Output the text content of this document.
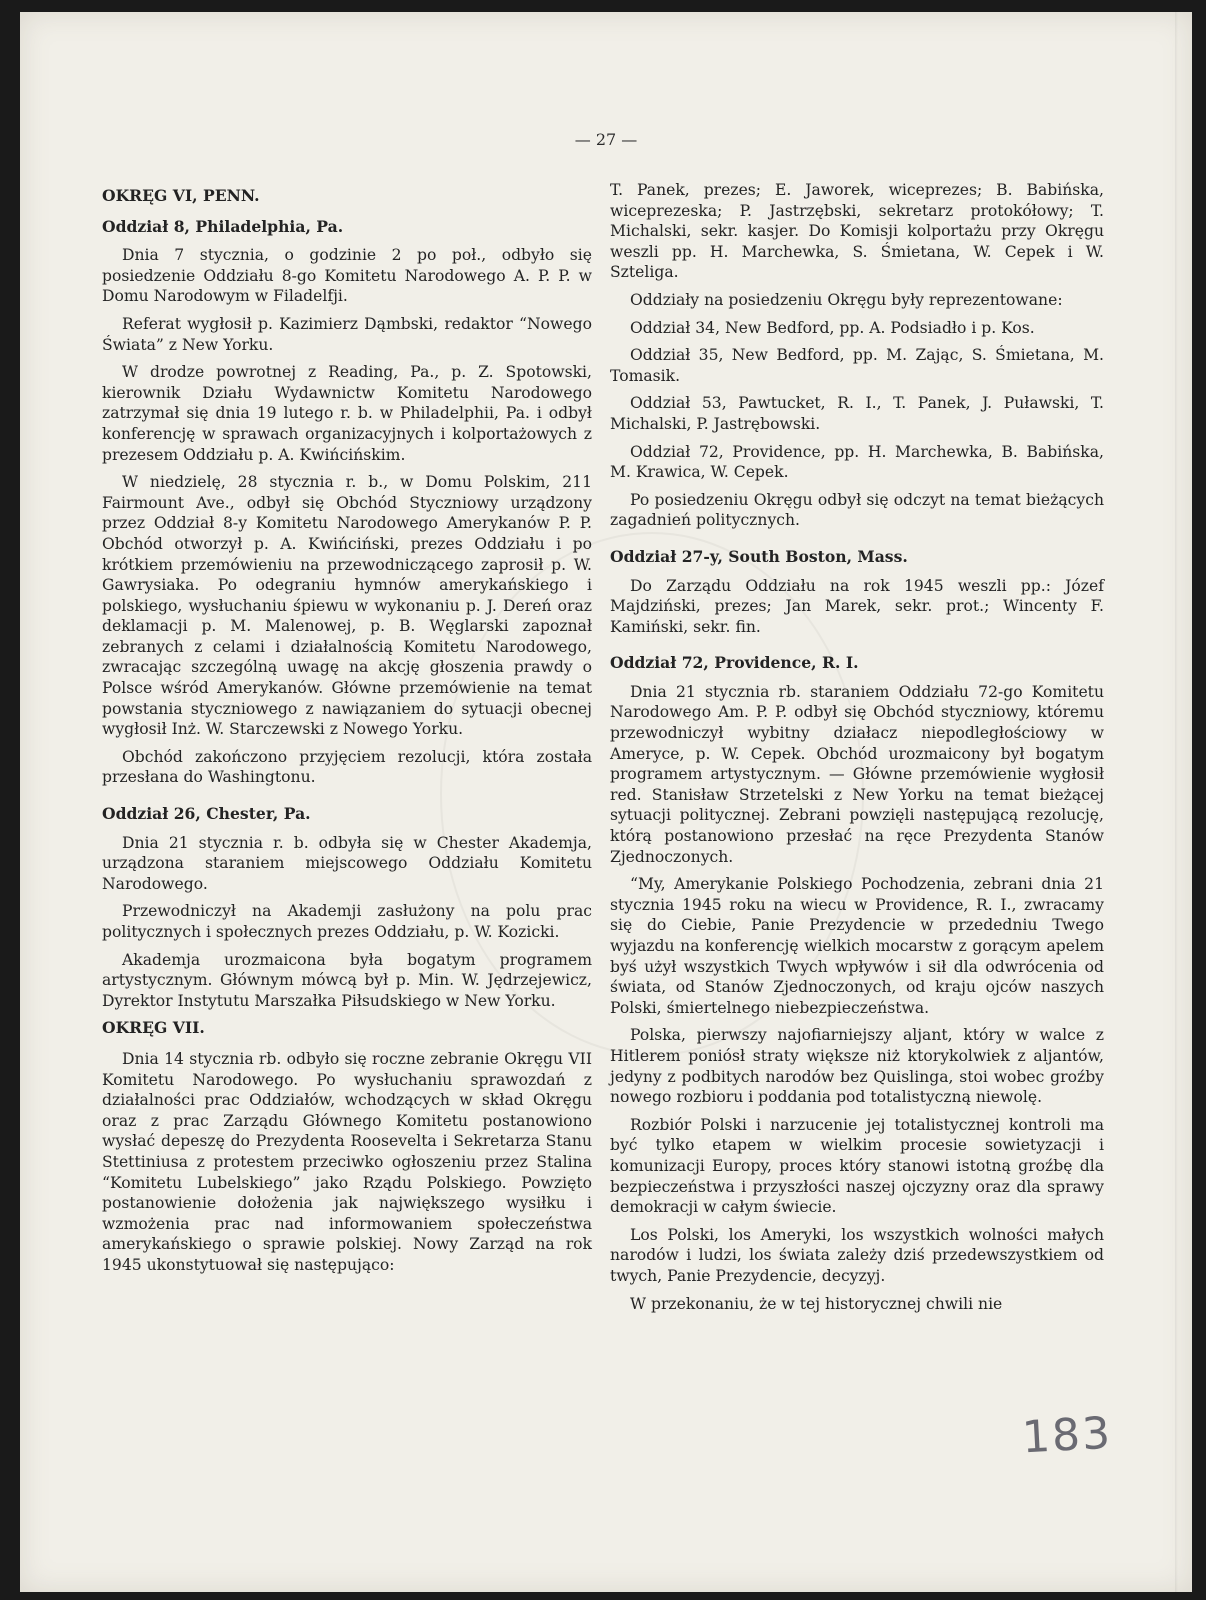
— 27 —
OKRĘG VI, PENN.
Oddział 8, Philadelphia, Pa.

Dnia 7 stycznia, o godzinie 2 po poł., odbyło się posiedzenie Oddziału 8-go Komitetu Narodowego A. P. P. w Domu Narodowym w Filadelfji.

Referat wygłosił p. Kazimierz Dąmbski, redaktor “Nowego Świata” z New Yorku.

W drodze powrotnej z Reading, Pa., p. Z. Spotowski, kierownik Działu Wydawnictw Komitetu Narodowego zatrzymał się dnia 19 lutego r. b. w Philadelphii, Pa. i odbył konferencję w sprawach organizacyjnych i kolportażowych z prezesem Oddziału p. A. Kwińcińskim.

W niedzielę, 28 stycznia r. b., w Domu Polskim, 211 Fairmount Ave., odbył się Obchód Styczniowy urządzony przez Oddział 8-y Komitetu Narodowego Amerykanów P. P. Obchód otworzył p. A. Kwińciński, prezes Oddziału i po krótkiem przemówieniu na przewodniczącego zaprosił p. W. Gawrysiaka. Po odegraniu hymnów amerykańskiego i polskiego, wysłuchaniu śpiewu w wykonaniu p. J. Dereń oraz deklamacji p. M. Malenowej, p. B. Węglarski zapoznał zebranych z celami i działalnością Komitetu Narodowego, zwracając szczególną uwagę na akcję głoszenia prawdy o Polsce wśród Amerykanów. Główne przemówienie na temat powstania styczniowego z nawiązaniem do sytuacji obecnej wygłosił Inż. W. Starczewski z Nowego Yorku.

Obchód zakończono przyjęciem rezolucji, która została przesłana do Washingtonu.

Oddział 26, Chester, Pa.

Dnia 21 stycznia r. b. odbyła się w Chester Akademja, urządzona staraniem miejscowego Oddziału Komitetu Narodowego.

Przewodniczył na Akademji zasłużony na polu prac politycznych i społecznych prezes Oddziału, p. W. Kozicki.

Akademja urozmaicona była bogatym programem artystycznym. Głównym mówcą był p. Min. W. Jędrzejewicz, Dyrektor Instytutu Marszałka Piłsudskiego w New Yorku.

OKRĘG VII.

Dnia 14 stycznia rb. odbyło się roczne zebranie Okręgu VII Komitetu Narodowego. Po wysłuchaniu sprawozdań z działalności prac Oddziałów, wchodzących w skład Okręgu oraz z prac Zarządu Głównego Komitetu postanowiono wysłać depeszę do Prezydenta Roosevelta i Sekretarza Stanu Stettiniusa z protestem przeciwko ogłoszeniu przez Stalina “Komitetu Lubelskiego” jako Rządu Polskiego. Powzięto postanowienie dołożenia jak największego wysiłku i wzmożenia prac nad informowaniem społeczeństwa amerykańskiego o sprawie polskiej. Nowy Zarząd na rok 1945 ukonstytuował się następująco:

T. Panek, prezes; E. Jaworek, wiceprezes; B. Babińska, wiceprezeska; P. Jastrzębski, sekretarz protokółowy; T. Michalski, sekr. kasjer. Do Komisji kolportażu przy Okręgu weszli pp. H. Marchewka, S. Śmietana, W. Cepek i W. Szteliga.

Oddziały na posiedzeniu Okręgu były reprezentowane:

Oddział 34, New Bedford, pp. A. Podsiadło i p. Kos.
Oddział 35, New Bedford, pp. M. Zając, S. Śmietana, M. Tomasik.
Oddział 53, Pawtucket, R. I., T. Panek, J. Puławski, T. Michalski, P. Jastrębowski.
Oddział 72, Providence, pp. H. Marchewka, B. Babińska, M. Krawica, W. Cepek.

Po posiedzeniu Okręgu odbył się odczyt na temat bieżących zagadnień politycznych.

Oddział 27-y, South Boston, Mass.

Do Zarządu Oddziału na rok 1945 weszli pp.: Józef Majdziński, prezes; Jan Marek, sekr. prot.; Wincenty F. Kamiński, sekr. fin.

Oddział 72, Providence, R. I.

Dnia 21 stycznia rb. staraniem Oddziału 72-go Komitetu Narodowego Am. P. P. odbył się Obchód styczniowy, któremu przewodniczył wybitny działacz niepodległościowy w Ameryce, p. W. Cepek. Obchód urozmaicony był bogatym programem artystycznym. — Główne przemówienie wygłosił red. Stanisław Strzetelski z New Yorku na temat bieżącej sytuacji politycznej. Zebrani powzięli następującą rezolucję, którą postanowiono przesłać na ręce Prezydenta Stanów Zjednoczonych.

“My, Amerykanie Polskiego Pochodzenia, zebrani dnia 21 stycznia 1945 roku na wiecu w Providence, R. I., zwracamy się do Ciebie, Panie Prezydencie w przededniu Twego wyjazdu na konferencję wielkich mocarstw z gorącym apelem byś użył wszystkich Twych wpływów i sił dla odwrócenia od świata, od Stanów Zjednoczonych, od kraju ojców naszych Polski, śmiertelnego niebezpieczeństwa.

Polska, pierwszy najofiarniejszy aljant, który w walce z Hitlerem poniósł straty większe niż ktorykolwiek z aljantów, jedyny z podbitych narodów bez Quislinga, stoi wobec groźby nowego rozbioru i poddania pod totalistyczną niewolę.

Rozbiór Polski i narzucenie jej totalistycznej kontroli ma być tylko etapem w wielkim procesie sowietyzacji i komunizacji Europy, proces który stanowi istotną groźbę dla bezpieczeństwa i przyszłości naszej ojczyzny oraz dla sprawy demokracji w całym świecie.

Los Polski, los Ameryki, los wszystkich wolności małych narodów i ludzi, los świata zależy dziś przedewszystkiem od twych, Panie Prezydencie, decyzyj.

W przekonaniu, że w tej historycznej chwili nie

183
